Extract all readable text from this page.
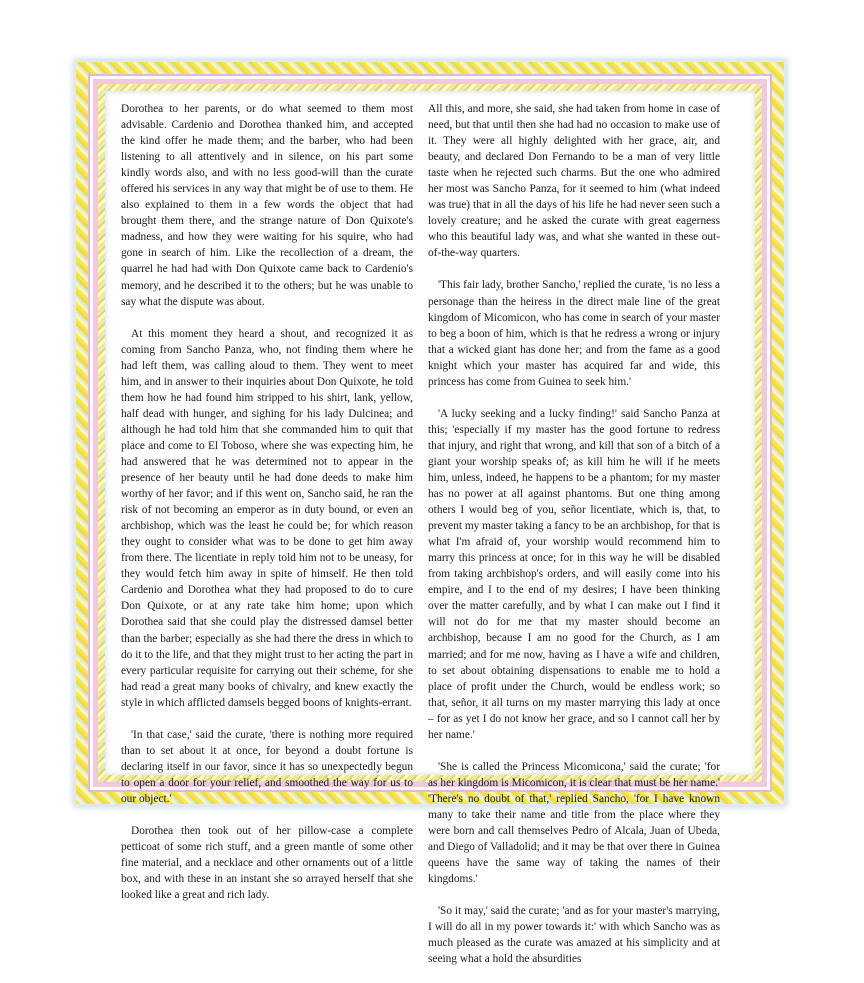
Dorothea to her parents, or do what seemed to them most advisable. Cardenio and Dorothea thanked him, and accepted the kind offer he made them; and the barber, who had been listening to all attentively and in silence, on his part some kindly words also, and with no less good-will than the curate offered his services in any way that might be of use to them. He also explained to them in a few words the object that had brought them there, and the strange nature of Don Quixote's madness, and how they were waiting for his squire, who had gone in search of him. Like the recollection of a dream, the quarrel he had had with Don Quixote came back to Cardenio's memory, and he described it to the others; but he was unable to say what the dispute was about.

At this moment they heard a shout, and recognized it as coming from Sancho Panza, who, not finding them where he had left them, was calling aloud to them. They went to meet him, and in answer to their inquiries about Don Quixote, he told them how he had found him stripped to his shirt, lank, yellow, half dead with hunger, and sighing for his lady Dulcinea; and although he had told him that she commanded him to quit that place and come to El Toboso, where she was expecting him, he had answered that he was determined not to appear in the presence of her beauty until he had done deeds to make him worthy of her favor; and if this went on, Sancho said, he ran the risk of not becoming an emperor as in duty bound, or even an archbishop, which was the least he could be; for which reason they ought to consider what was to be done to get him away from there. The licentiate in reply told him not to be uneasy, for they would fetch him away in spite of himself. He then told Cardenio and Dorothea what they had proposed to do to cure Don Quixote, or at any rate take him home; upon which Dorothea said that she could play the distressed damsel better than the barber; especially as she had there the dress in which to do it to the life, and that they might trust to her acting the part in every particular requisite for carrying out their scheme, for she had read a great many books of chivalry, and knew exactly the style in which afflicted damsels begged boons of knights-errant.

'In that case,' said the curate, 'there is nothing more required than to set about it at once, for beyond a doubt fortune is declaring itself in our favor, since it has so unexpectedly begun to open a door for your relief, and smoothed the way for us to our object.'

Dorothea then took out of her pillow-case a complete petticoat of some rich stuff, and a green mantle of some other fine material, and a necklace and other ornaments out of a little box, and with these in an instant she so arrayed herself that she looked like a great and rich lady.

All this, and more, she said, she had taken from home in case of need, but that until then she had had no occasion to make use of it. They were all highly delighted with her grace, air, and beauty, and declared Don Fernando to be a man of very little taste when he rejected such charms. But the one who admired her most was Sancho Panza, for it seemed to him (what indeed was true) that in all the days of his life he had never seen such a lovely creature; and he asked the curate with great eagerness who this beautiful lady was, and what she wanted in these out-of-the-way quarters.

'This fair lady, brother Sancho,' replied the curate, 'is no less a personage than the heiress in the direct male line of the great kingdom of Micomicon, who has come in search of your master to beg a boon of him, which is that he redress a wrong or injury that a wicked giant has done her; and from the fame as a good knight which your master has acquired far and wide, this princess has come from Guinea to seek him.'

'A lucky seeking and a lucky finding!' said Sancho Panza at this; 'especially if my master has the good fortune to redress that injury, and right that wrong, and kill that son of a bitch of a giant your worship speaks of; as kill him he will if he meets him, unless, indeed, he happens to be a phantom; for my master has no power at all against phantoms. But one thing among others I would beg of you, señor licentiate, which is, that, to prevent my master taking a fancy to be an archbishop, for that is what I'm afraid of, your worship would recommend him to marry this princess at once; for in this way he will be disabled from taking archbishop's orders, and will easily come into his empire, and I to the end of my desires; I have been thinking over the matter carefully, and by what I can make out I find it will not do for me that my master should become an archbishop, because I am no good for the Church, as I am married; and for me now, having as I have a wife and children, to set about obtaining dispensations to enable me to hold a place of profit under the Church, would be endless work; so that, señor, it all turns on my master marrying this lady at once – for as yet I do not know her grace, and so I cannot call her by her name.'

'She is called the Princess Micomicona,' said the curate; 'for as her kingdom is Micomicon, it is clear that must be her name.' 'There's no doubt of that,' replied Sancho, 'for I have known many to take their name and title from the place where they were born and call themselves Pedro of Alcala, Juan of Ubeda, and Diego of Valladolid; and it may be that over there in Guinea queens have the same way of taking the names of their kingdoms.'

'So it may,' said the curate; 'and as for your master's marrying, I will do all in my power towards it:' with which Sancho was as much pleased as the curate was amazed at his simplicity and at seeing what a hold the absurdities
